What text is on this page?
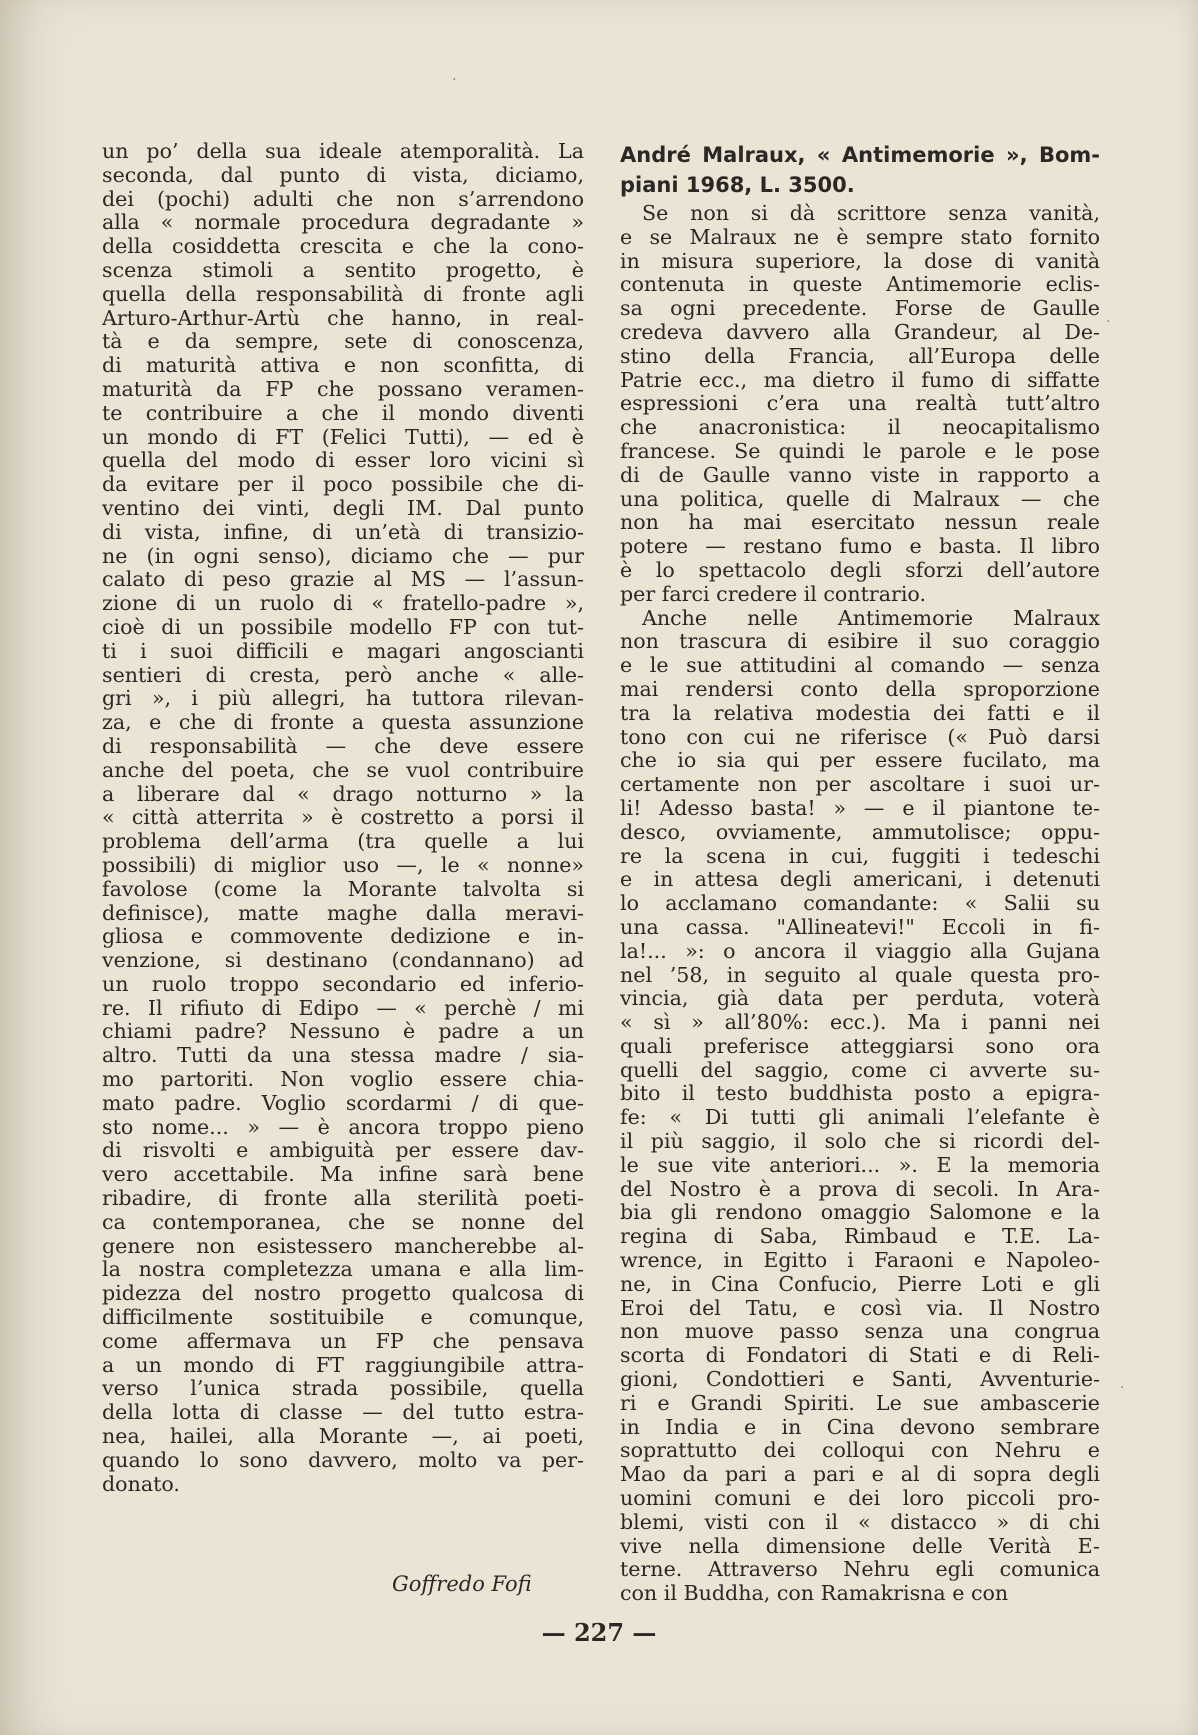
un po’ della sua ideale atemporalità. La
seconda, dal punto di vista, diciamo,
dei (pochi) adulti che non s’arrendono
alla « normale procedura degradante »
della cosiddetta crescita e che la cono-
scenza stimoli a sentito progetto, è
quella della responsabilità di fronte agli
Arturo-Arthur-Artù che hanno, in real-
tà e da sempre, sete di conoscenza,
di maturità attiva e non sconfitta, di
maturità da FP che possano veramen-
te contribuire a che il mondo diventi
un mondo di FT (Felici Tutti), — ed è
quella del modo di esser loro vicini sì
da evitare per il poco possibile che di-
ventino dei vinti, degli IM. Dal punto
di vista, infine, di un’età di transizio-
ne (in ogni senso), diciamo che — pur
calato di peso grazie al MS — l’assun-
zione di un ruolo di « fratello-padre »,
cioè di un possibile modello FP con tut-
ti i suoi difficili e magari angoscianti
sentieri di cresta, però anche « alle-
gri », i più allegri, ha tuttora rilevan-
za, e che di fronte a questa assunzione
di responsabilità — che deve essere
anche del poeta, che se vuol contribuire
a liberare dal « drago notturno » la
« città atterrita » è costretto a porsi il
problema dell’arma (tra quelle a lui
possibili) di miglior uso —, le « nonne»
favolose (come la Morante talvolta si
definisce), matte maghe dalla meravi-
gliosa e commovente dedizione e in-
venzione, si destinano (condannano) ad
un ruolo troppo secondario ed inferio-
re. Il rifiuto di Edipo — « perchè / mi
chiami padre? Nessuno è padre a un
altro. Tutti da una stessa madre / sia-
mo partoriti. Non voglio essere chia-
mato padre. Voglio scordarmi / di que-
sto nome... » — è ancora troppo pieno
di risvolti e ambiguità per essere dav-
vero accettabile. Ma infine sarà bene
ribadire, di fronte alla sterilità poeti-
ca contemporanea, che se nonne del
genere non esistessero mancherebbe al-
la nostra completezza umana e alla lim-
pidezza del nostro progetto qualcosa di
difficilmente sostituibile e comunque,
come affermava un FP che pensava
a un mondo di FT raggiungibile attra-
verso l’unica strada possibile, quella
della lotta di classe — del tutto estra-
nea, hailei, alla Morante —, ai poeti,
quando lo sono davvero, molto va per-
donato.
André Malraux, « Antimemorie », Bom-
piani 1968, L. 3500.
Se non si dà scrittore senza vanità,
e se Malraux ne è sempre stato fornito
in misura superiore, la dose di vanità
contenuta in queste Antimemorie eclis-
sa ogni precedente. Forse de Gaulle
credeva davvero alla Grandeur, al De-
stino della Francia, all’Europa delle
Patrie ecc., ma dietro il fumo di siffatte
espressioni c’era una realtà tutt’altro
che anacronistica: il neocapitalismo
francese. Se quindi le parole e le pose
di de Gaulle vanno viste in rapporto a
una politica, quelle di Malraux — che
non ha mai esercitato nessun reale
potere — restano fumo e basta. Il libro
è lo spettacolo degli sforzi dell’autore
per farci credere il contrario.
Anche nelle Antimemorie Malraux
non trascura di esibire il suo coraggio
e le sue attitudini al comando — senza
mai rendersi conto della sproporzione
tra la relativa modestia dei fatti e il
tono con cui ne riferisce (« Può darsi
che io sia qui per essere fucilato, ma
certamente non per ascoltare i suoi ur-
li! Adesso basta! » — e il piantone te-
desco, ovviamente, ammutolisce; oppu-
re la scena in cui, fuggiti i tedeschi
e in attesa degli americani, i detenuti
lo acclamano comandante: « Salii su
una cassa. "Allineatevi!" Eccoli in fi-
la!... »: o ancora il viaggio alla Gujana
nel ’58, in seguito al quale questa pro-
vincia, già data per perduta, voterà
« sì » all’80%: ecc.). Ma i panni nei
quali preferisce atteggiarsi sono ora
quelli del saggio, come ci avverte su-
bito il testo buddhista posto a epigra-
fe: « Di tutti gli animali l’elefante è
il più saggio, il solo che si ricordi del-
le sue vite anteriori... ». E la memoria
del Nostro è a prova di secoli. In Ara-
bia gli rendono omaggio Salomone e la
regina di Saba, Rimbaud e T.E. La-
wrence, in Egitto i Faraoni e Napoleo-
ne, in Cina Confucio, Pierre Loti e gli
Eroi del Tatu, e così via. Il Nostro
non muove passo senza una congrua
scorta di Fondatori di Stati e di Reli-
gioni, Condottieri e Santi, Avventurie-
ri e Grandi Spiriti. Le sue ambascerie
in India e in Cina devono sembrare
soprattutto dei colloqui con Nehru e
Mao da pari a pari e al di sopra degli
uomini comuni e dei loro piccoli pro-
blemi, visti con il « distacco » di chi
vive nella dimensione delle Verità E-
terne. Attraverso Nehru egli comunica
con il Buddha, con Ramakrisna e con
Goffredo Fofi
— 227 —
·
·
·
